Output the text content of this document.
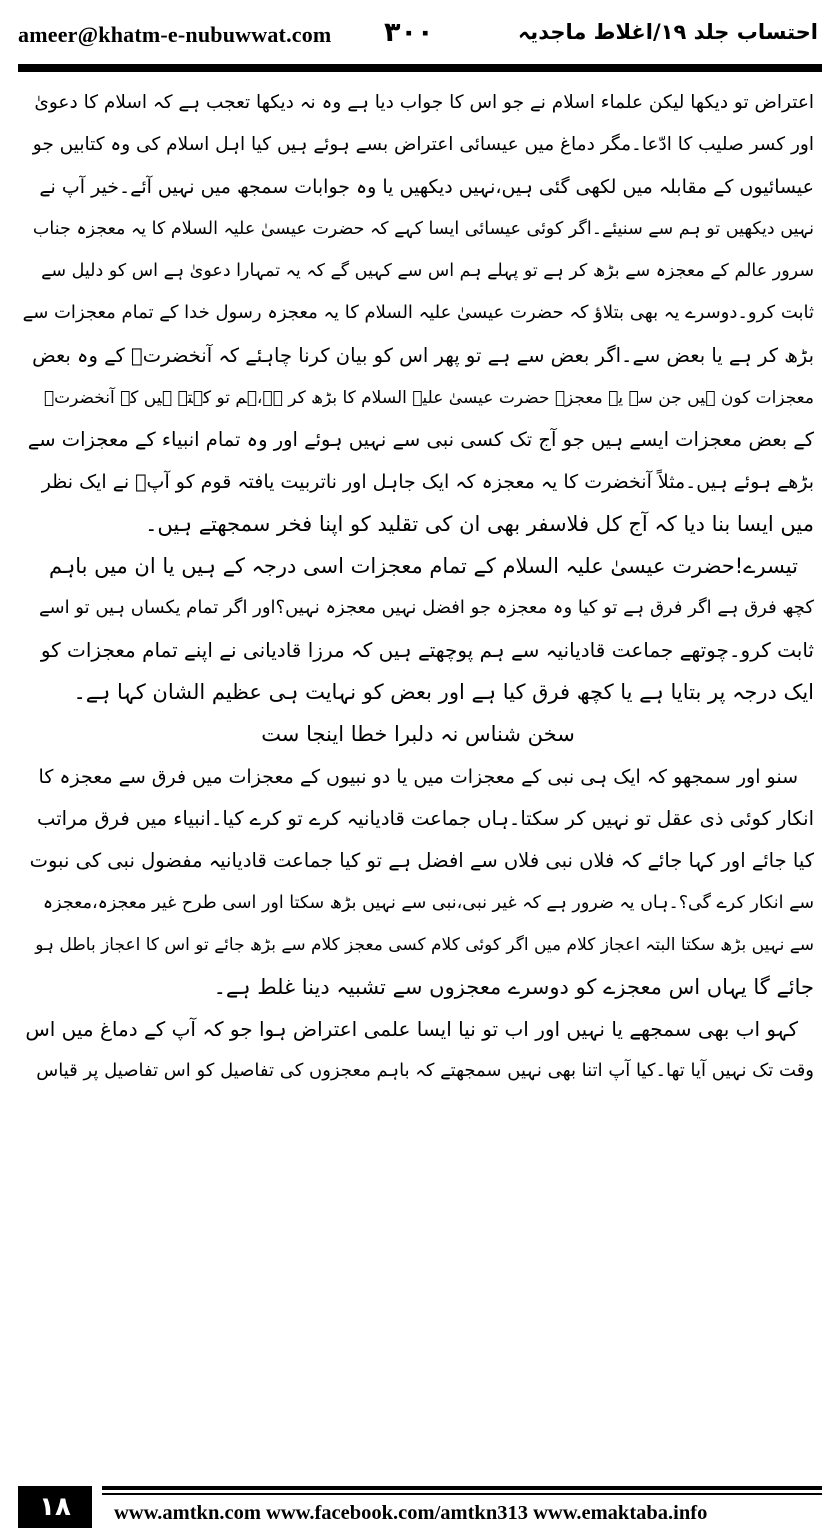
ameer@khatm-e-nubuwwat.com ۳۰۰	احتساب جلد ۱۹/اغلاط ماجدیہ
اعتراض تو دیکھا لیکن علماء اسلام نے جو اس کا جواب دیا ہے وہ نہ دیکھا تعجب ہے کہ اسلام کا دعویٰ
اور کسر صلیب کا ادّعا۔مگر دماغ میں عیسائی اعتراض بسے ہوئے ہیں کیا اہل اسلام کی وہ کتابیں جو
عیسائیوں کے مقابلہ میں لکھی گئی ہیں،نہیں دیکھیں یا وہ جوابات سمجھ میں نہیں آئے۔خیر آپ نے
نہیں دیکھیں تو ہم سے سنیئے۔اگر کوئی عیسائی ایسا کہے کہ حضرت عیسیٰ علیہ السلام کا یہ معجزہ جناب
سرور عالم کے معجزہ سے بڑھ کر ہے تو پہلے ہم اس سے کہیں گے کہ یہ تمہارا دعویٰ ہے اس کو دلیل سے
ثابت کرو۔دوسرے یہ بھی بتلاؤ کہ حضرت عیسیٰ علیہ السلام کا یہ معجزہ رسول خدا کے تمام معجزات سے
بڑھ کر ہے یا بعض سے۔اگر بعض سے ہے تو پھر اس کو بیان کرنا چاہئے کہ آنخضرتؐ کے وہ بعض
معجزات کون ہیں جن سے یہ معجزہ حضرت عیسیٰ علیہ السلام کا بڑھ کر ہے،ہم تو کہتے ہیں کہ آنخضرتؐ
کے بعض معجزات ایسے ہیں جو آج تک کسی نبی سے نہیں ہوئے اور وہ تمام انبیاء کے معجزات سے
بڑھے ہوئے ہیں۔مثلاً آنخضرت کا یہ معجزہ کہ ایک جاہل اور ناتربیت یافتہ قوم کو آپؐ نے ایک نظر
میں ایسا بنا دیا کہ آج کل فلاسفر بھی ان کی تقلید کو اپنا فخر سمجھتے ہیں۔
تیسرے!حضرت عیسیٰ علیہ السلام کے تمام معجزات اسی درجہ کے ہیں یا ان میں باہم
کچھ فرق ہے اگر فرق ہے تو کیا وہ معجزہ جو افضل نہیں معجزہ نہیں؟اور اگر تمام یکساں ہیں تو اسے
ثابت کرو۔چوتھے جماعت قادیانیہ سے ہم پوچھتے ہیں کہ مرزا قادیانی نے اپنے تمام معجزات کو
ایک درجہ پر بتایا ہے یا کچھ فرق کیا ہے اور بعض کو نہایت ہی عظیم الشان کہا ہے۔
سخن شناس نہ دلبرا خطا اینجا ست
سنو اور سمجھو کہ ایک ہی نبی کے معجزات میں یا دو نبیوں کے معجزات میں فرق سے معجزہ کا
انکار کوئی ذی عقل تو نہیں کر سکتا۔ہاں جماعت قادیانیہ کرے تو کرے کیا۔انبیاء میں فرق مراتب
کیا جائے اور کہا جائے کہ فلاں نبی فلاں سے افضل ہے تو کیا جماعت قادیانیہ مفضول نبی کی نبوت
سے انکار کرے گی؟۔ہاں یہ ضرور ہے کہ غیر نبی،نبی سے نہیں بڑھ سکتا اور اسی طرح غیر معجزہ،معجزہ
سے نہیں بڑھ سکتا البتہ اعجاز کلام میں اگر کوئی کلام کسی معجز کلام سے بڑھ جائے تو اس کا اعجاز باطل ہو
جائے گا یہاں اس معجزے کو دوسرے معجزوں سے تشبیہ دینا غلط ہے۔
کہو اب بھی سمجھے یا نہیں اور اب تو نیا ایسا علمی اعتراض ہوا جو کہ آپ کے دماغ میں اس
وقت تک نہیں آیا تھا۔کیا آپ اتنا بھی نہیں سمجھتے کہ باہم معجزوں کی تفاصیل کو اس تفاصیل پر قیاس
۱۸	www.amtkn.com www.facebook.com/amtkn313 www.emaktaba.info
